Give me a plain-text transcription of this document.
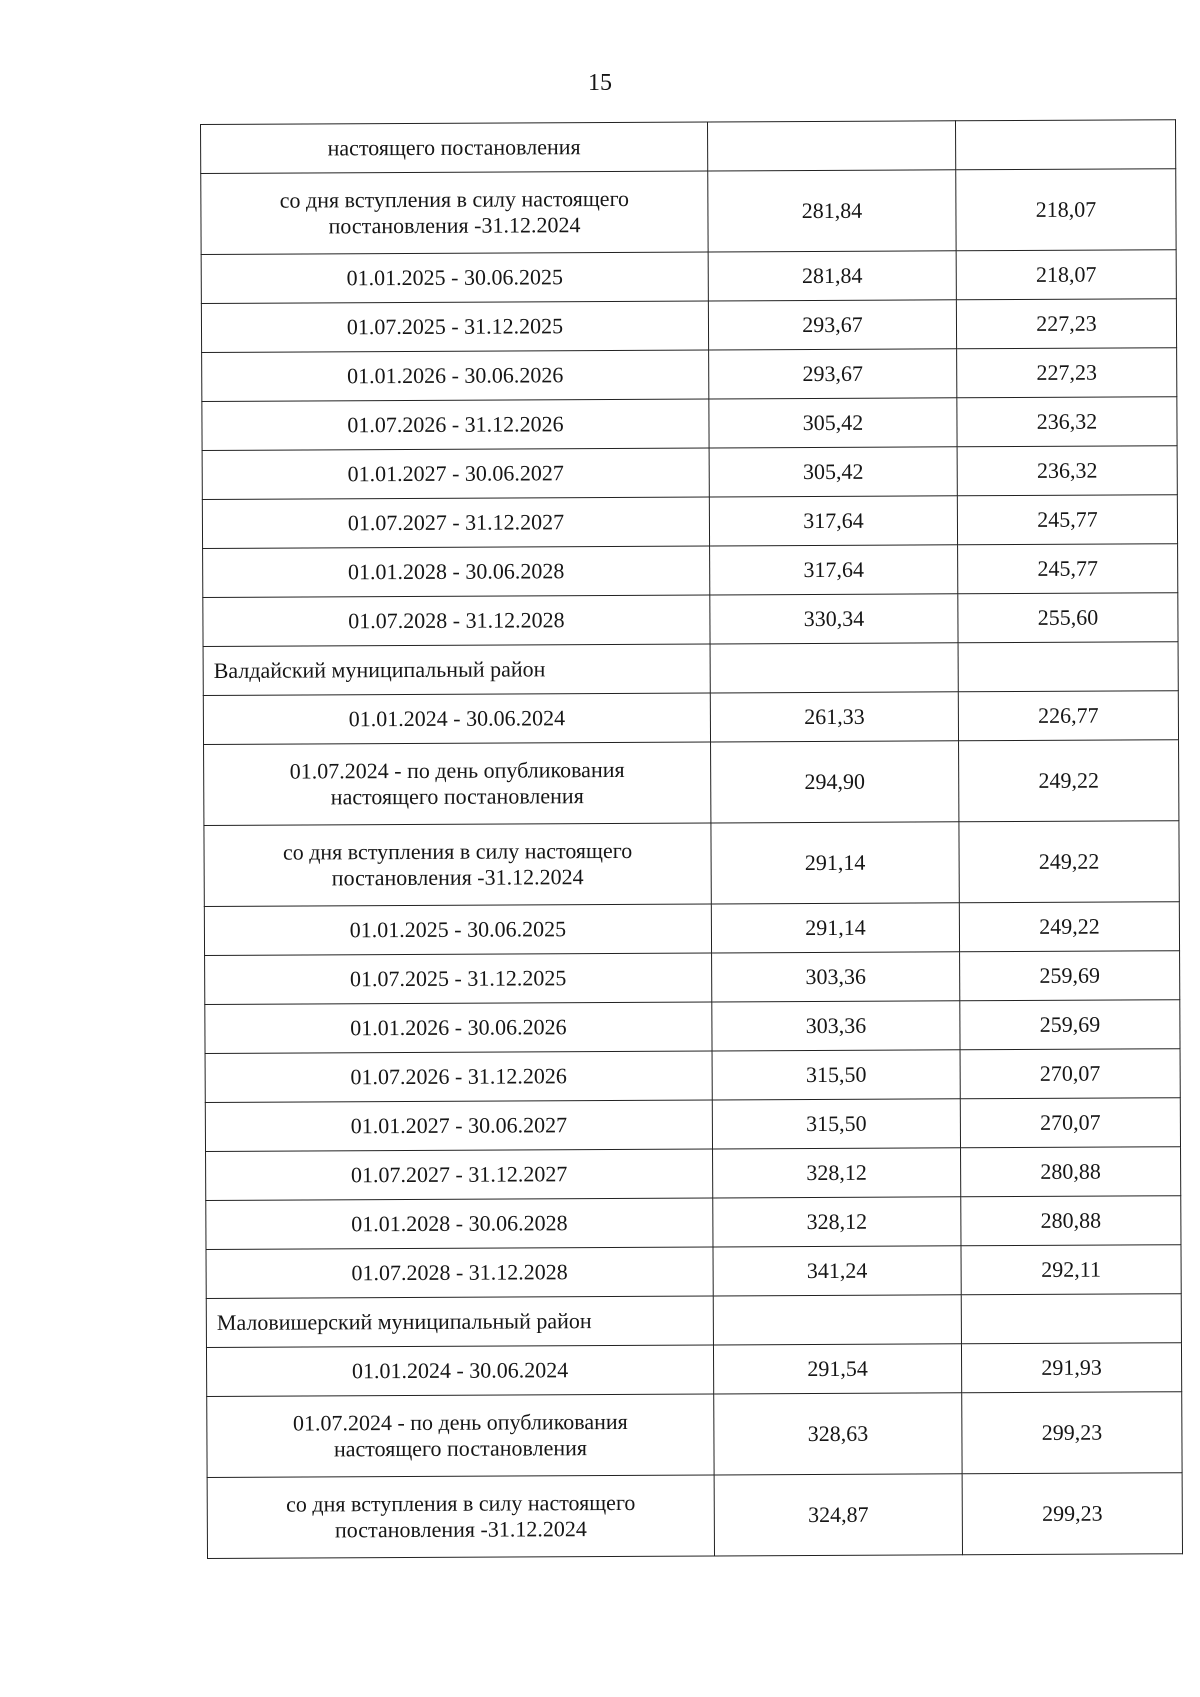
15
настоящего постановления		
со дня вступления в силу настоящего
постановления -31.12.2024	281,84	218,07
01.01.2025 - 30.06.2025	281,84	218,07
01.07.2025 - 31.12.2025	293,67	227,23
01.01.2026 - 30.06.2026	293,67	227,23
01.07.2026 - 31.12.2026	305,42	236,32
01.01.2027 - 30.06.2027	305,42	236,32
01.07.2027 - 31.12.2027	317,64	245,77
01.01.2028 - 30.06.2028	317,64	245,77
01.07.2028 - 31.12.2028	330,34	255,60
Валдайский муниципальный район		
01.01.2024 - 30.06.2024	261,33	226,77
01.07.2024 - по день опубликования
настоящего постановления	294,90	249,22
со дня вступления в силу настоящего
постановления -31.12.2024	291,14	249,22
01.01.2025 - 30.06.2025	291,14	249,22
01.07.2025 - 31.12.2025	303,36	259,69
01.01.2026 - 30.06.2026	303,36	259,69
01.07.2026 - 31.12.2026	315,50	270,07
01.01.2027 - 30.06.2027	315,50	270,07
01.07.2027 - 31.12.2027	328,12	280,88
01.01.2028 - 30.06.2028	328,12	280,88
01.07.2028 - 31.12.2028	341,24	292,11
Маловишерский муниципальный район		
01.01.2024 - 30.06.2024	291,54	291,93
01.07.2024 - по день опубликования
настоящего постановления	328,63	299,23
со дня вступления в силу настоящего
постановления -31.12.2024	324,87	299,23
